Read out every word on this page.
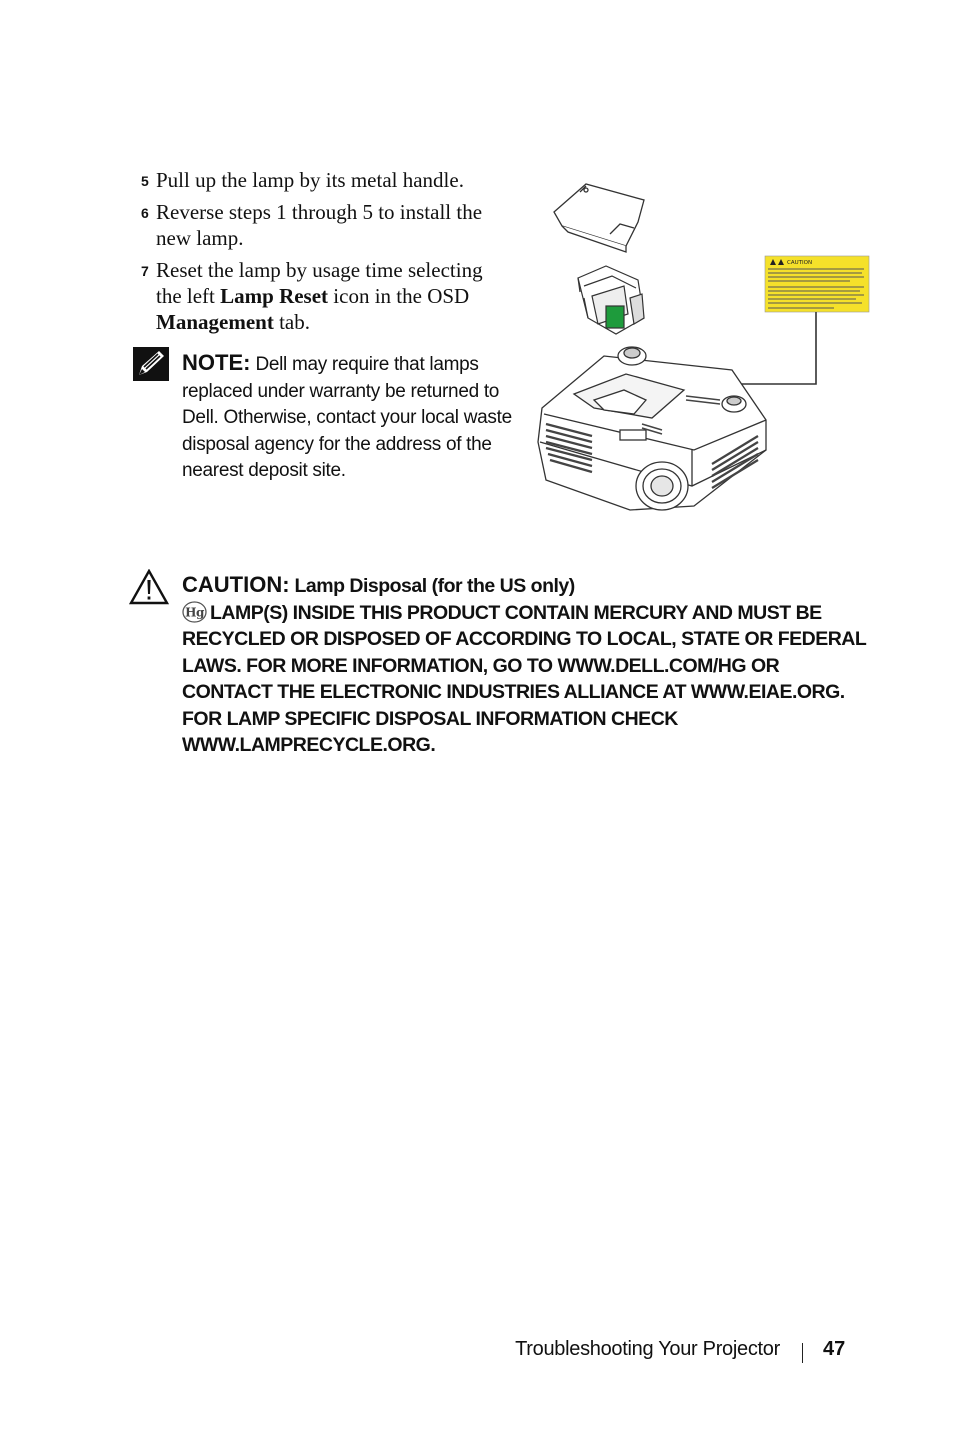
5 Pull up the lamp by its metal handle.
6 Reverse steps 1 through 5 to install the new lamp.
7 Reset the lamp by usage time selecting the left Lamp Reset icon in the OSD Management tab.
NOTE: Dell may require that lamps replaced under warranty be returned to Dell. Otherwise, contact your local waste disposal agency for the address of the nearest deposit site.
CAUTION
CAUTION: Lamp Disposal (for the US only)
Hg LAMP(S) INSIDE THIS PRODUCT CONTAIN MERCURY AND MUST BE RECYCLED OR DISPOSED OF ACCORDING TO LOCAL, STATE OR FEDERAL LAWS. FOR MORE INFORMATION, GO TO WWW.DELL.COM/HG OR CONTACT THE ELECTRONIC INDUSTRIES ALLIANCE AT WWW.EIAE.ORG. FOR LAMP SPECIFIC DISPOSAL INFORMATION CHECK WWW.LAMPRECYCLE.ORG.
Troubleshooting Your Projector 47
